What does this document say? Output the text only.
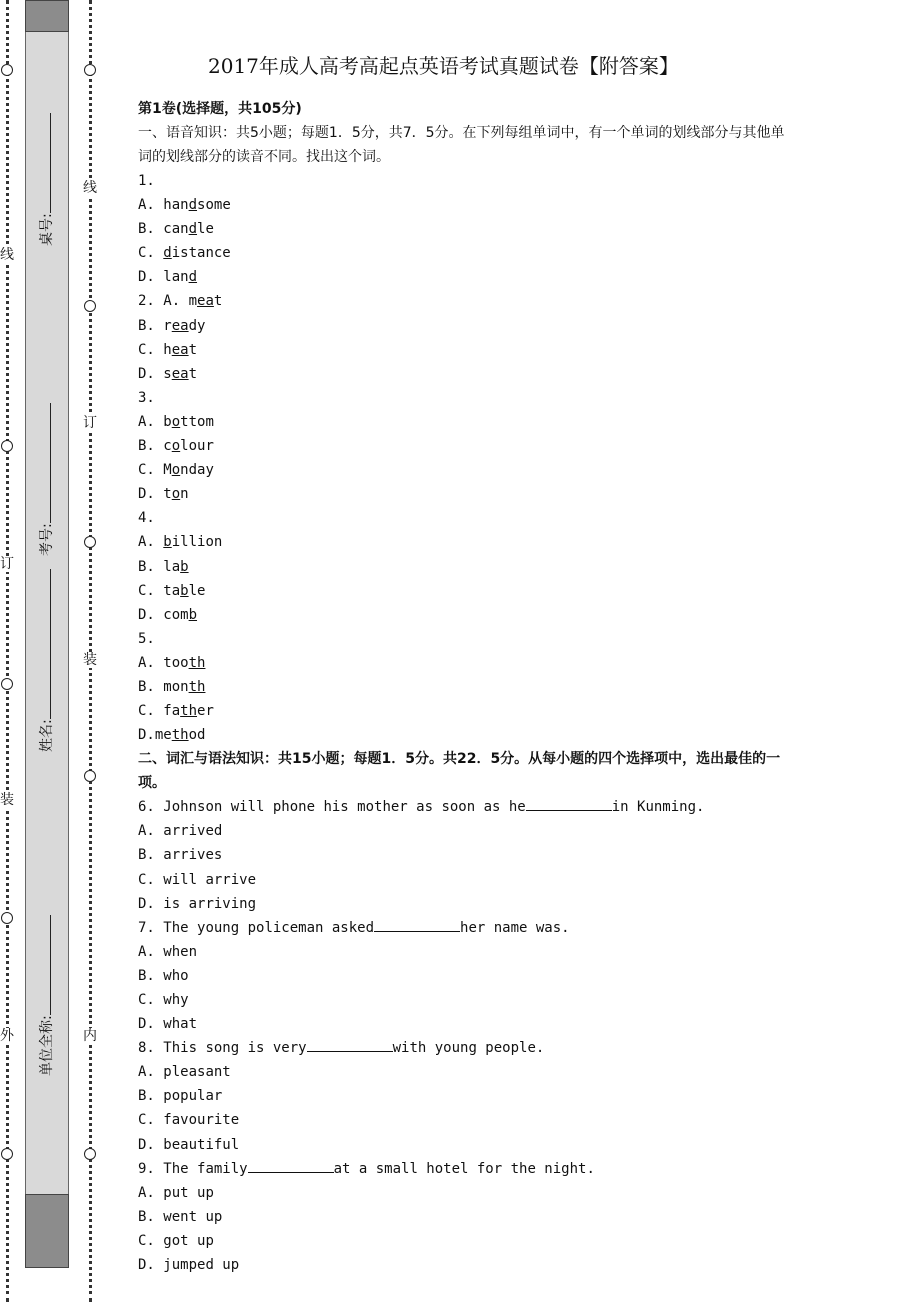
线
订
装
外
线
订
装
内
单位全称:
姓名:
考号:
桌号:
2017年成人高考高起点英语考试真题试卷【附答案】
第1卷(选择题，共105分)
一、语音知识：共5小题；每题1．5分，共7．5分。在下列每组单词中，有一个单词的划线部分与其他单词的划线部分的读音不同。找出这个词。
1.
A. handsome
B. candle
C. distance
D. land
2. A. meat
B. ready
C. heat
D. seat
3.
A. bottom
B. colour
C. Monday
D. ton
4.
A. billion
B. lab
C. table
D. comb
5.
A. tooth
B. month
C. father
D.method
二、词汇与语法知识：共15小题；每题1．5分。共22．5分。从每小题的四个选择项中，选出最佳的一项。
6. Johnson will phone his mother as soon as he	in Kunming.
A. arrived
B. arrives
C. will arrive
D. is arriving
7. The young policeman asked	her name was.
A. when
B. who
C. why
D. what
8. This song is very	with young people.
A. pleasant
B. popular
C. favourite
D. beautiful
9. The family	at a small hotel for the night.
A. put up
B. went up
C. got up
D. jumped up
